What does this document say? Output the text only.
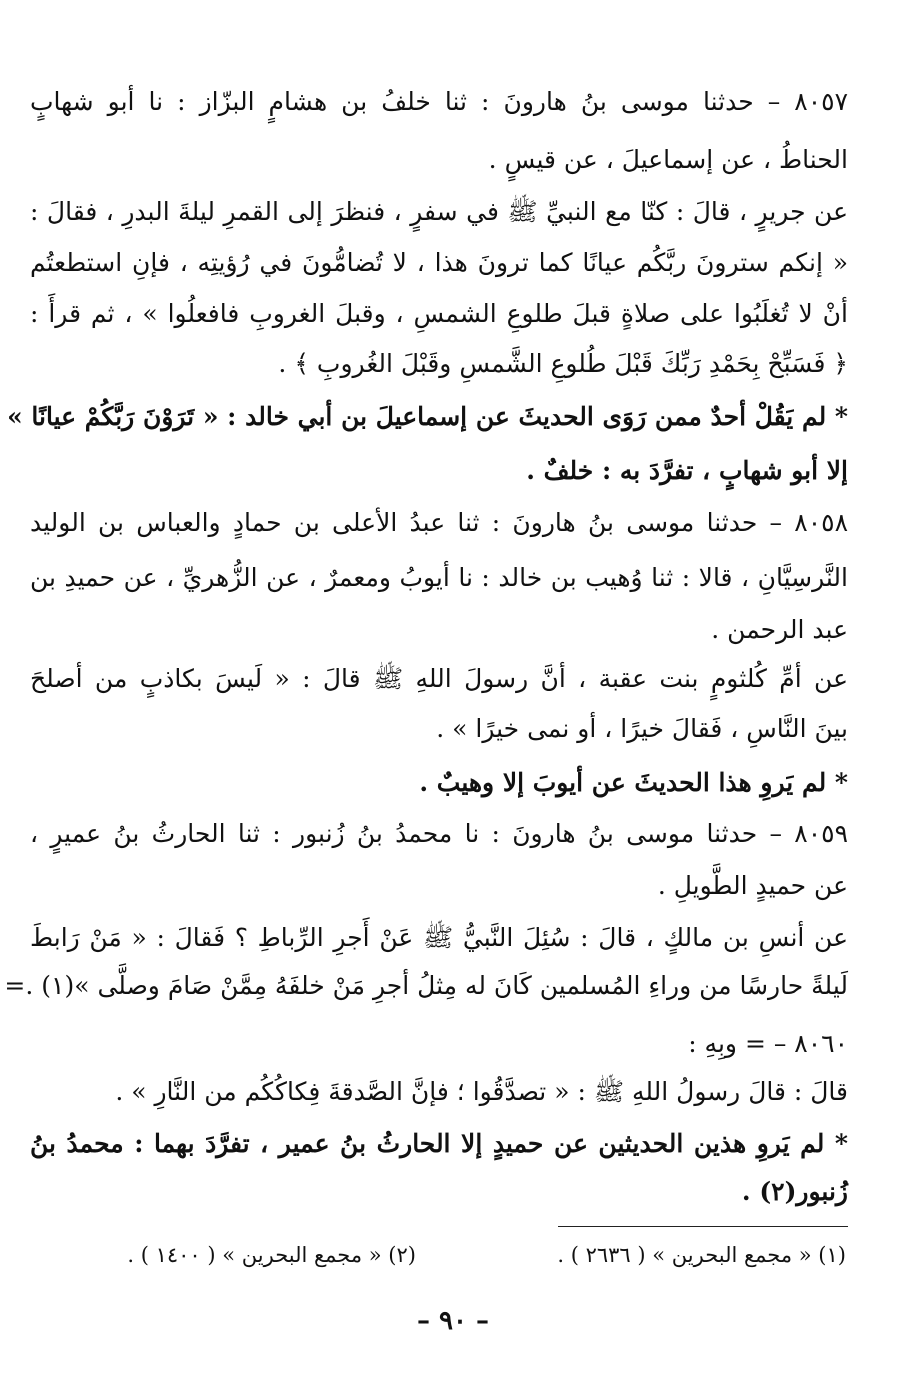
٨٠٥٧ – حدثنا موسى بنُ هارونَ : ثنا خلفُ بن هشامٍ البزّاز : نا أبو شهابٍ
الحناطُ ، عن إسماعيلَ ، عن قيسٍ .
عن جريرٍ ، قالَ : كنّا مع النبيِّ ﷺ في سفرٍ ، فنظرَ إلى القمرِ ليلةَ البدرِ ، فقالَ :
« إنكم سترونَ ربَّكُم عيانًا كما ترونَ هذا ، لا تُضامُّونَ في رُؤيتِه ، فإنِ استطعتُم
أنْ لا تُغلَبُوا على صلاةٍ قبلَ طلوعِ الشمسِ ، وقبلَ الغروبِ فافعلُوا » ، ثم قرأَ :
﴿ فَسَبِّحْ بِحَمْدِ رَبِّكَ قَبْلَ طُلوعِ الشَّمسِ وقَبْلَ الغُروبِ ﴾ .
* لم يَقُلْ أحدٌ ممن رَوَى الحديثَ عن إسماعيلَ بن أبي خالد : « تَرَوْنَ رَبَّكُمْ عيانًا »
إلا أبو شهابٍ ، تفرَّدَ به : خلفٌ .
٨٠٥٨ – حدثنا موسى بنُ هارونَ : ثنا عبدُ الأعلى بن حمادٍ والعباس بن الوليد
النَّرسِيَّانِ ، قالا : ثنا وُهيب بن خالد : نا أيوبُ ومعمرٌ ، عن الزُّهريِّ ، عن حميدِ بن
عبد الرحمن .
عن أمِّ كُلثومٍ بنت عقبة ، أنَّ رسولَ اللهِ ﷺ قالَ : « لَيسَ بكاذبٍ من أصلحَ
بينَ النَّاسِ ، فَقالَ خيرًا ، أو نمى خيرًا » .
* لم يَروِ هذا الحديثَ عن أيوبَ إلا وهيبٌ .
٨٠٥٩ – حدثنا موسى بنُ هارونَ : نا محمدُ بنُ زُنبور : ثنا الحارثُ بنُ عميرٍ ،
عن حميدٍ الطَّويلِ .
عن أنسِ بن مالكٍ ، قالَ : سُئِلَ النَّبيُّ ﷺ عَنْ أَجرِ الرِّباطِ ؟ فَقالَ : « مَنْ رَابطَ
لَيلةً حارسًا من وراءِ المُسلمين كَانَ له مِثلُ أجرِ مَنْ خلفَهُ مِمَّنْ صَامَ وصلَّى »(١) .=
٨٠٦٠ – = وبِهِ :
قالَ : قالَ رسولُ اللهِ ﷺ : « تصدَّقُوا ؛ فإنَّ الصَّدقةَ فِكاكُكُم من النَّارِ » .
* لم يَروِ هذين الحديثين عن حميدٍ إلا الحارثُ بنُ عمير ، تفرَّدَ بهما : محمدُ بنُ
زُنبور(٢) .
(١) « مجمع البحرين » ( ٢٦٣٦ ) .
(٢) « مجمع البحرين » ( ١٤٠٠ ) .
– ٩٠ –
